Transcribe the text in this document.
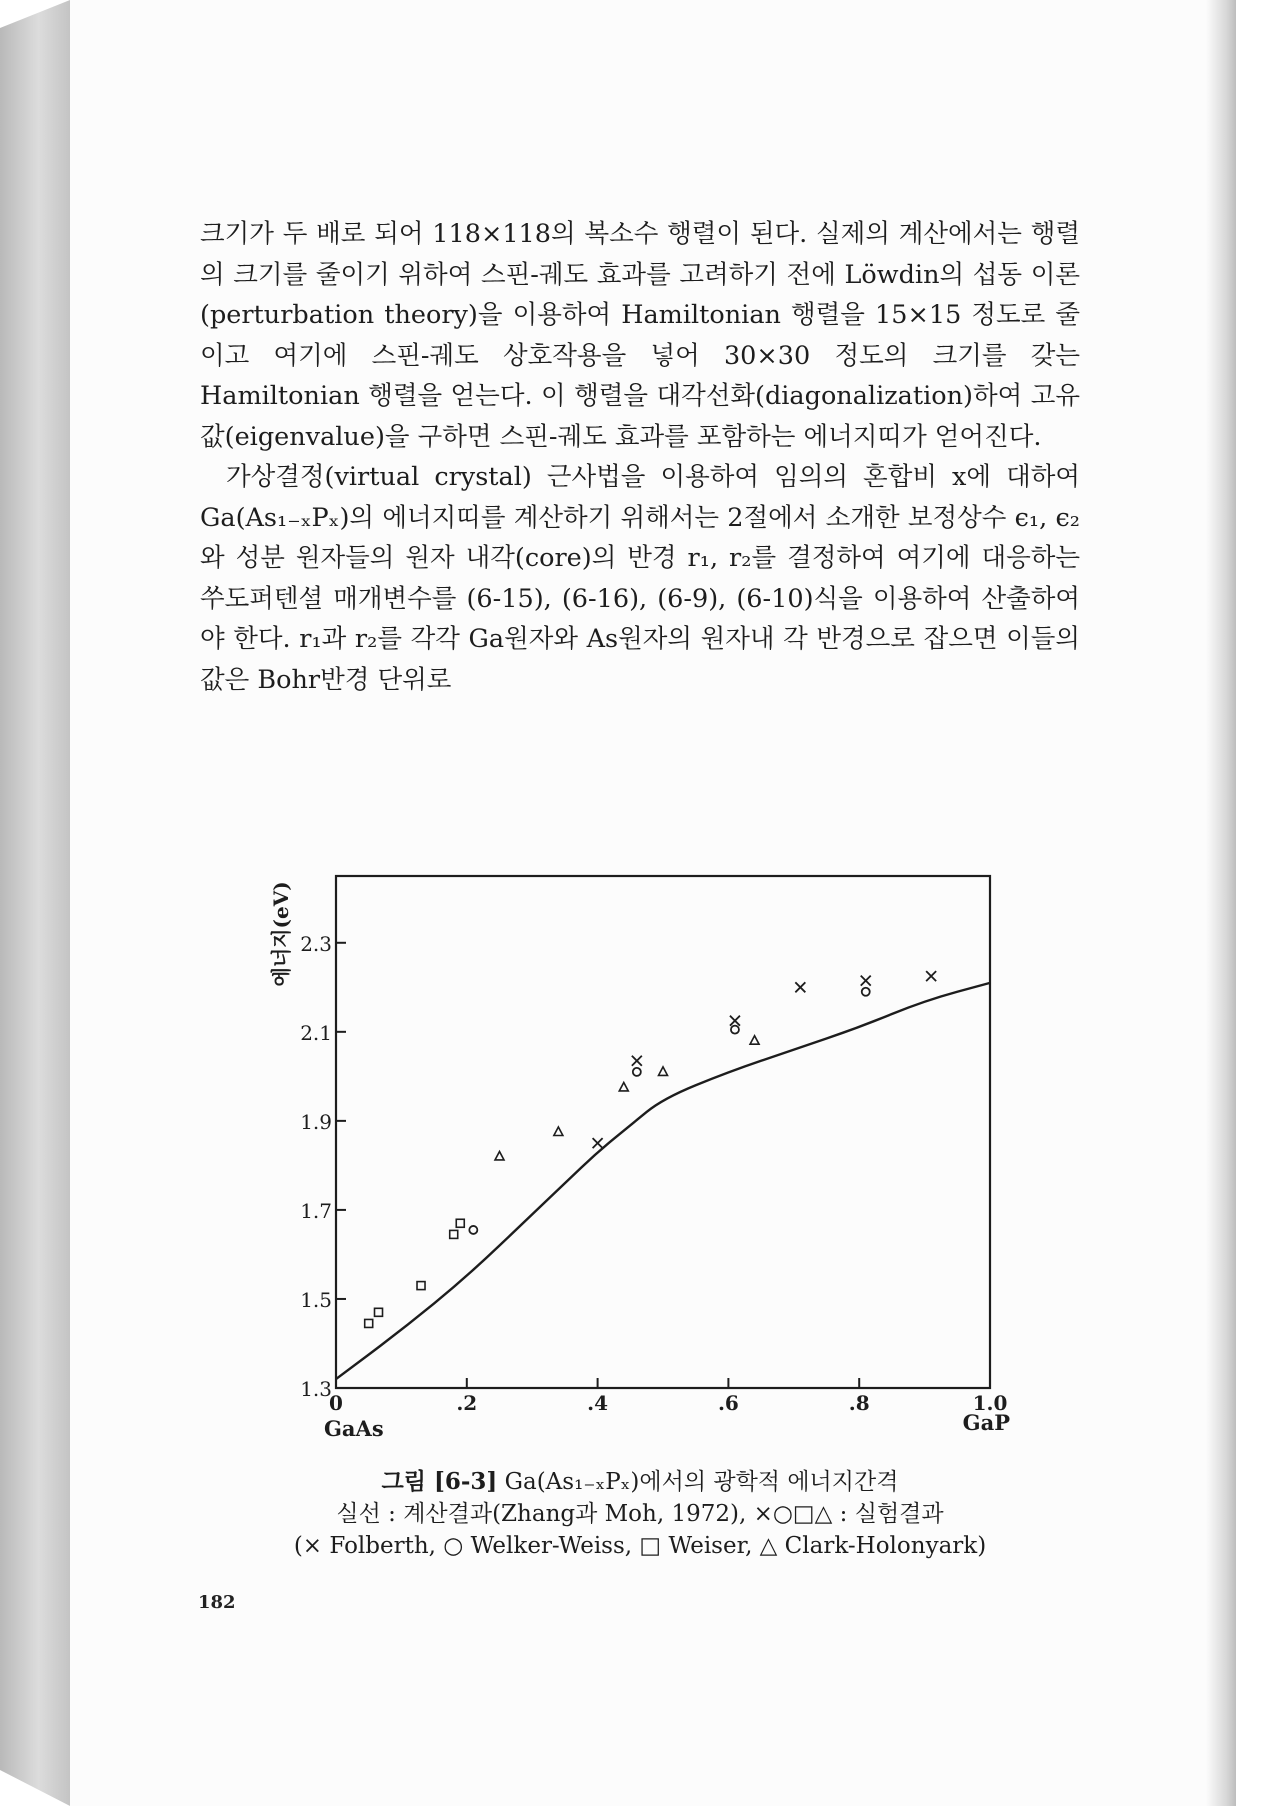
크기가 두 배로 되어 118×118의 복소수 행렬이 된다. 실제의 계산에서는 행렬의 크기를 줄이기 위하여 스핀-궤도 효과를 고려하기 전에 Löwdin의 섭동 이론(perturbation theory)을 이용하여 Hamiltonian 행렬을 15×15 정도로 줄이고 여기에 스핀-궤도 상호작용을 넣어 30×30 정도의 크기를 갖는 Hamiltonian 행렬을 얻는다. 이 행렬을 대각선화(diagonalization)하여 고유값(eigenvalue)을 구하면 스핀-궤도 효과를 포함하는 에너지띠가 얻어진다.

가상결정(virtual crystal) 근사법을 이용하여 임의의 혼합비 x에 대하여 Ga(As₁₋ₓPₓ)의 에너지띠를 계산하기 위해서는 2절에서 소개한 보정상수 ϵ₁, ϵ₂와 성분 원자들의 원자 내각(core)의 반경 r₁, r₂를 결정하여 여기에 대응하는 쑤도퍼텐셜 매개변수를 (6-15), (6-16), (6-9), (6-10)식을 이용하여 산출하여야 한다. r₁과 r₂를 각각 Ga원자와 As원자의 원자내 각 반경으로 잡으면 이들의 값은 Bohr반경 단위로

1.3
1.5
1.7
1.9
2.1
2.3
0	.2	.4	.6	.8	1.0
GaAs	GaP
에너지(eV)
그림 [6-3] Ga(As₁₋ₓPₓ)에서의 광학적 에너지간격
실선 : 계산결과(Zhang과 Moh, 1972), ×○□△ : 실험결과
(× Folberth, ○ Welker-Weiss, □ Weiser, △ Clark-Holonyark)
182
